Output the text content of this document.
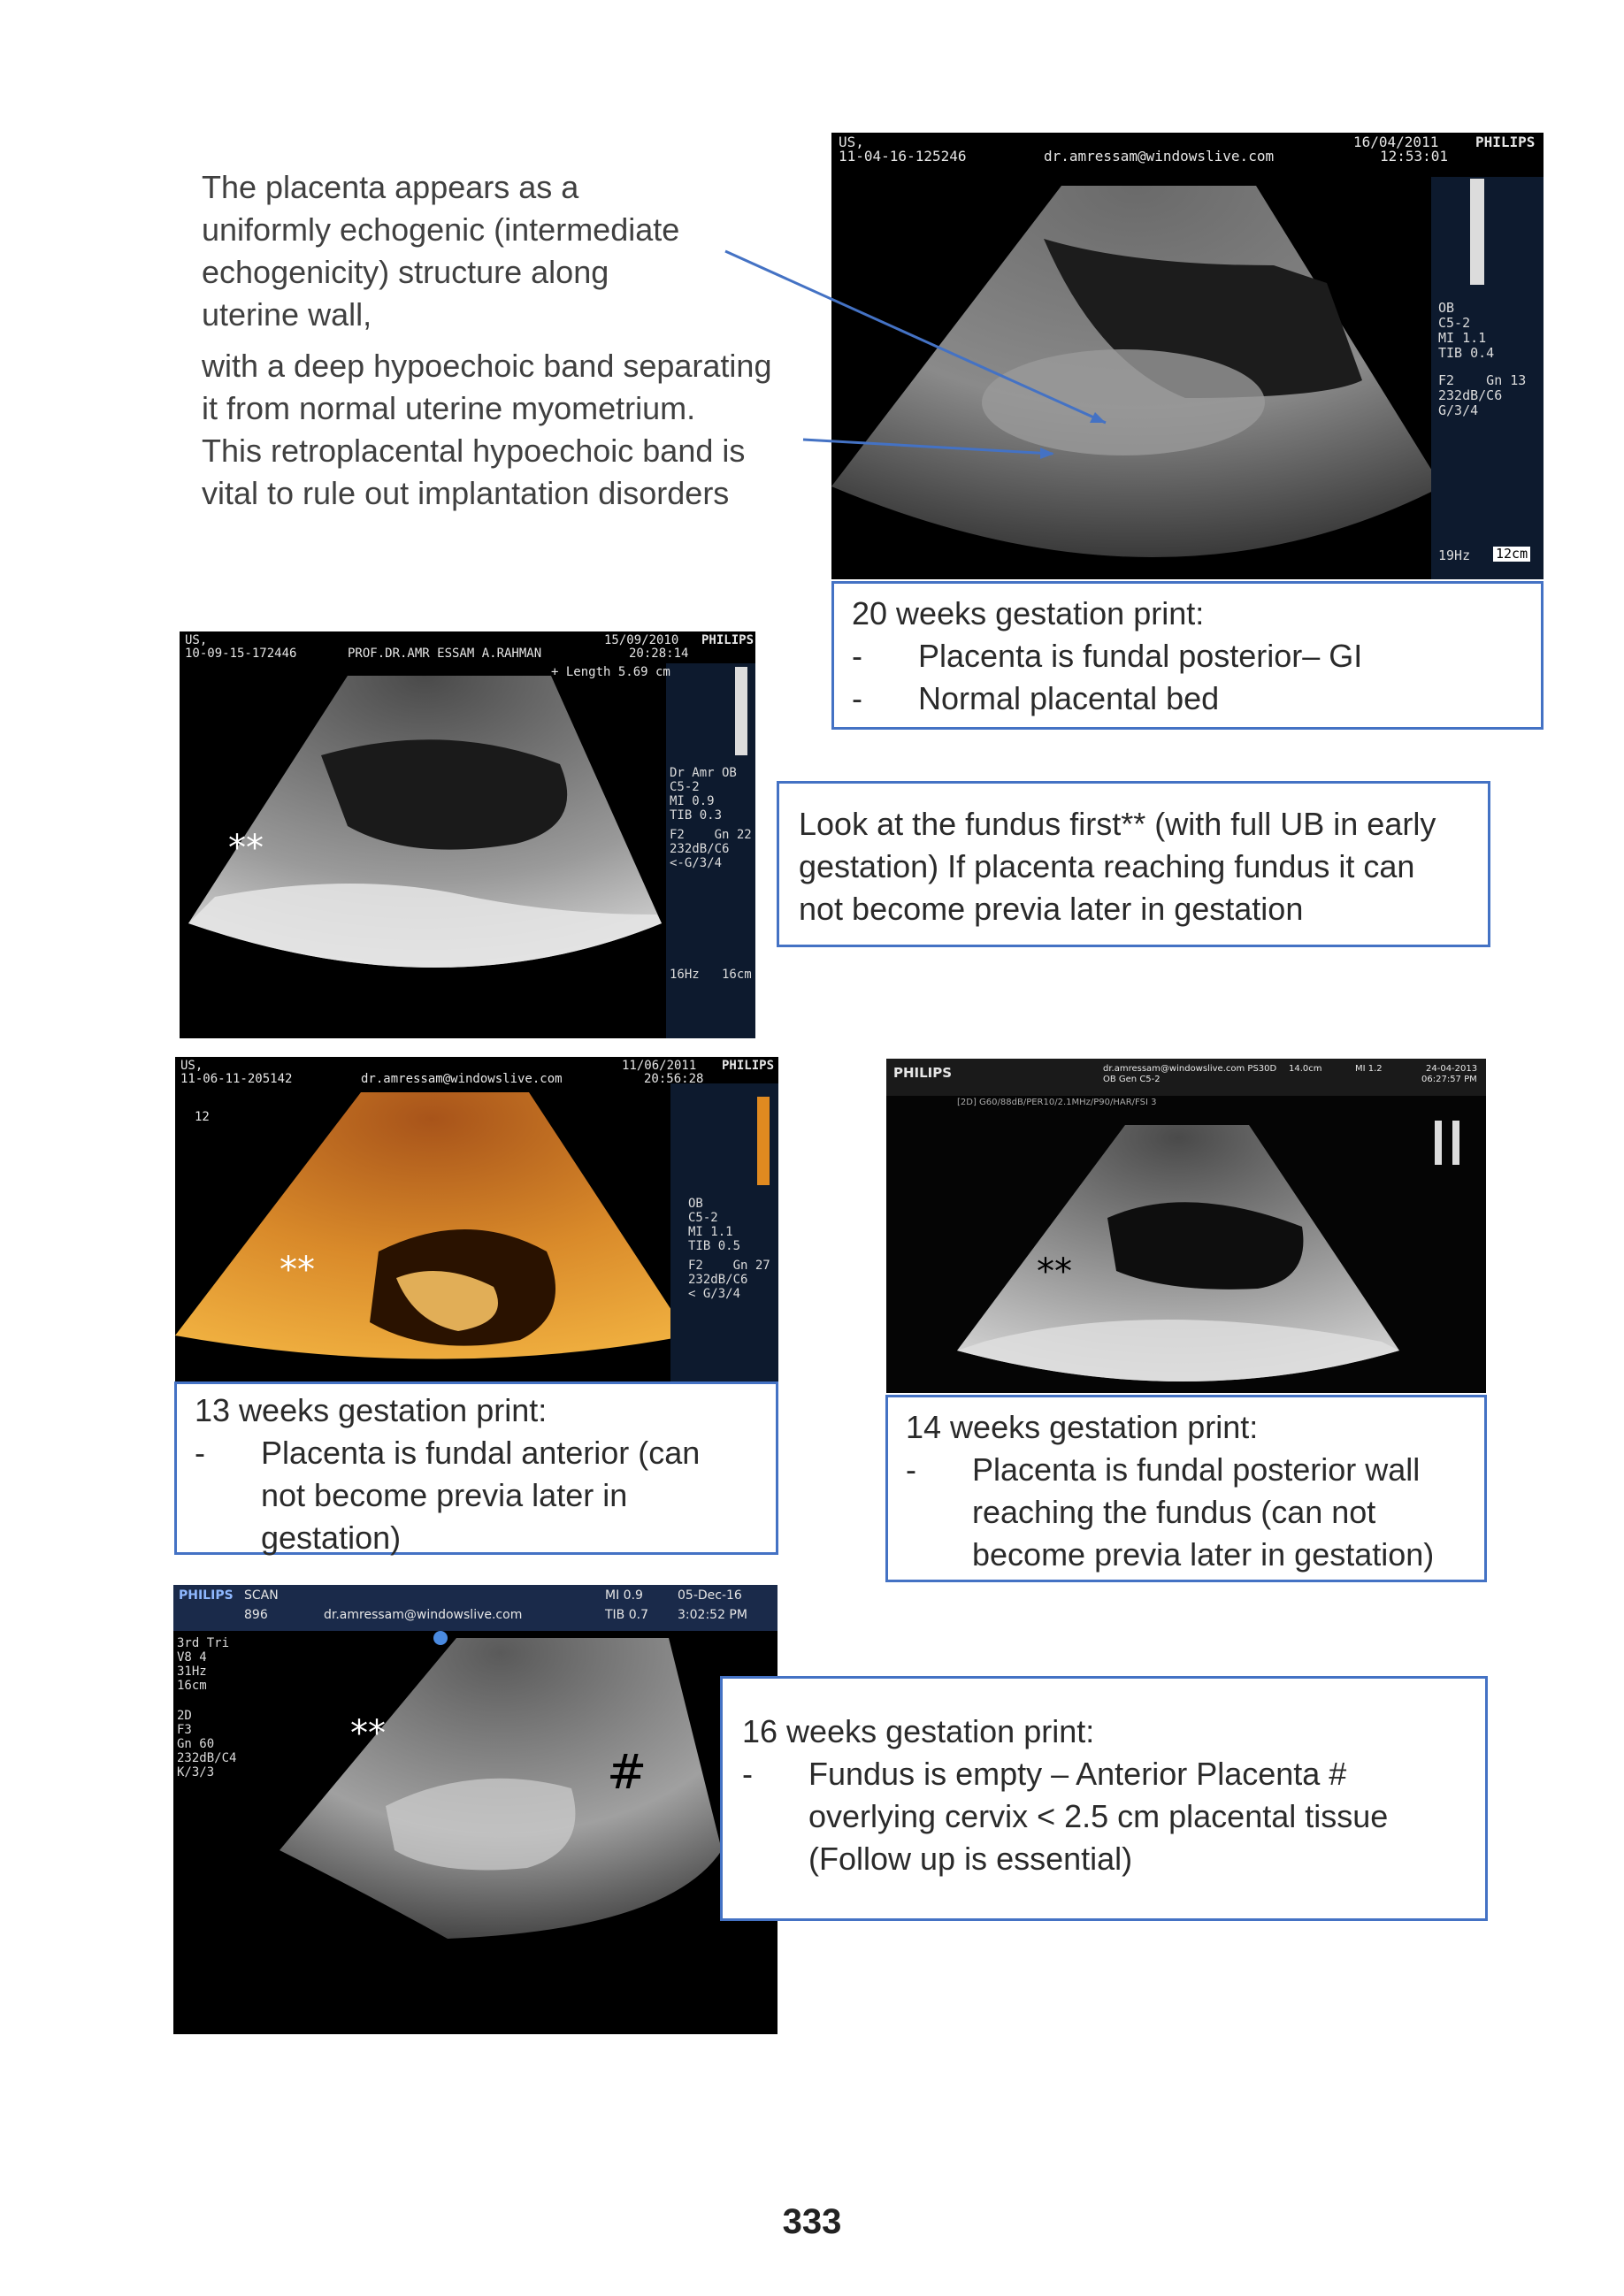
The placenta appears as a

uniformly echogenic (intermediate

echogenicity) structure along

uterine wall,

with a deep hypoechoic band separating

it from normal uterine myometrium.

This retroplacental hypoechoic band is

vital to rule out implantation disorders

US,
11-04-16-125246	dr.amressam@windowslive.com
16/04/2011	PHILIPS
12:53:01
OB
C5-2
MI 1.1
TIB 0.4
F2    Gn 13
232dB/C6
G/3/4
19Hz 12cm

20 weeks gestation print:

- Placenta is fundal posterior– GI

- Normal placental bed

US,
10-09-15-172446	PROF.DR.AMR ESSAM A.RAHMAN
15/09/2010 PHILIPS
20:28:14
+ Length 5.69 cm
Dr Amr OB
C5-2
MI 0.9
TIB 0.3
F2    Gn 22
232dB/C6
<-G/3/4
16Hz   16cm
**

Look at the fundus first** (with full UB in early

gestation) If placenta reaching fundus it can

not become previa later in gestation

US,
11-06-11-205142	dr.amressam@windowslive.com
11/06/2011 PHILIPS
20:56:28
12
OB
C5-2
MI 1.1
TIB 0.5
F2    Gn 27
232dB/C6
< G/3/4
**

13 weeks gestation print:

- Placenta is fundal anterior (can

not become previa later in

gestation)

PHILIPS	dr.amressam@windowslive.com PS30D
OB Gen C5-2
14.0cm	MI 1.2	24-04-2013
06:27:57 PM
[2D] G60/88dB/PER10/2.1MHz/P90/HAR/FSI 3
**

14 weeks gestation print:

- Placenta is fundal posterior wall

reaching the fundus (can not

become previa later in gestation)

PHILIPS SCAN
896	dr.amressam@windowslive.com
MI 0.9
TIB 0.7
05-Dec-16
3:02:52 PM
3rd Tri
V8 4
31Hz
16cm
2D
F3
Gn 60
232dB/C4
K/3/3
**
#

16 weeks gestation print:

- Fundus is empty – Anterior Placenta #

overlying cervix < 2.5 cm placental tissue

(Follow up is essential)

333
